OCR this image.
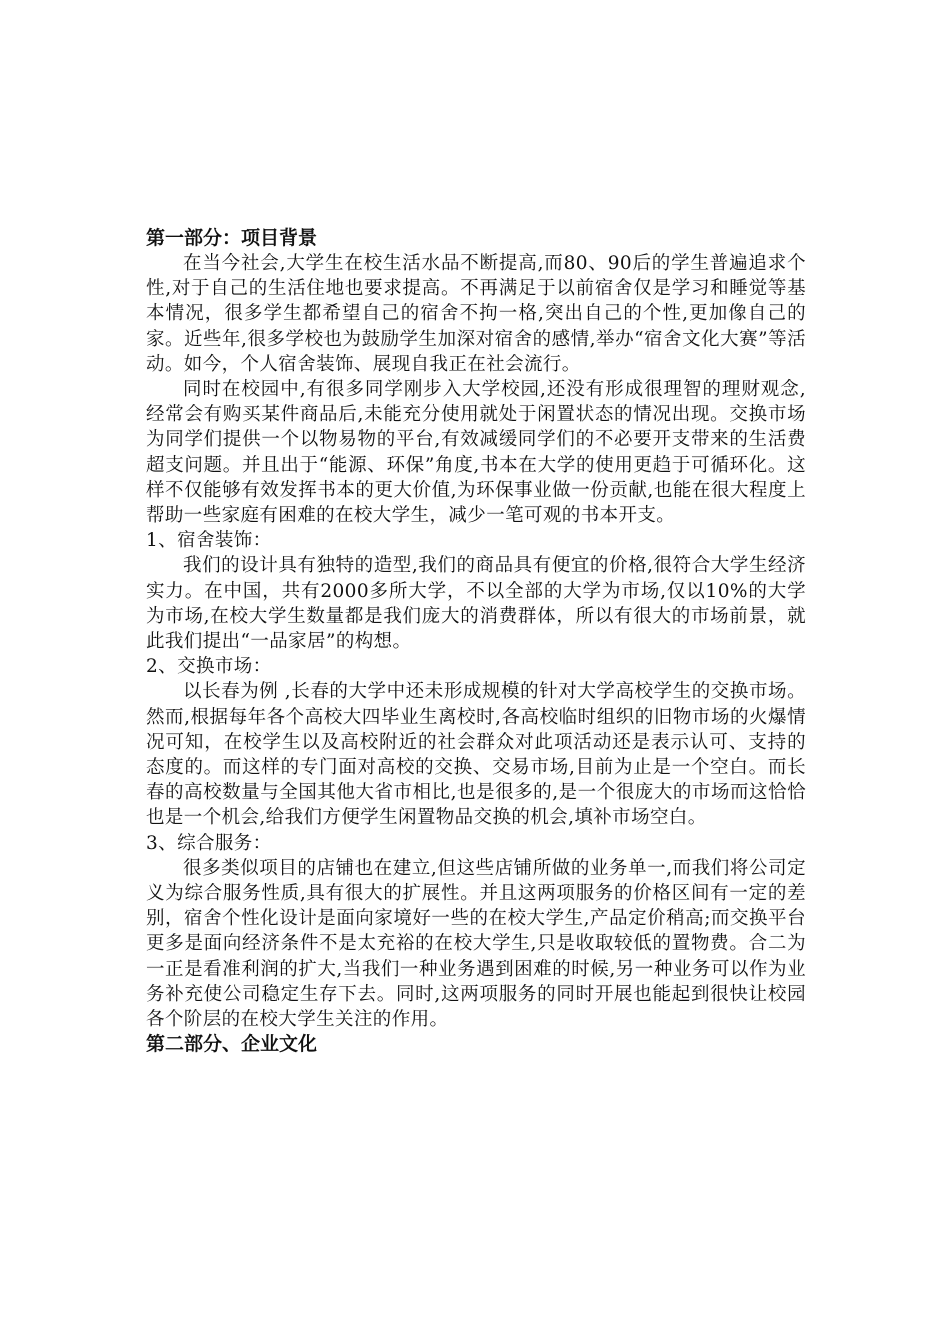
第一部分：项目背景

在当今社会,大学生在校生活水品不断提高,而80、90后的学生普遍追求个性,对于自己的生活住地也要求提高。不再满足于以前宿舍仅是学习和睡觉等基本情况，很多学生都希望自己的宿舍不拘一格,突出自己的个性,更加像自己的家。近些年,很多学校也为鼓励学生加深对宿舍的感情,举办“宿舍文化大赛”等活动。如今，个人宿舍装饰、展现自我正在社会流行。

同时在校园中,有很多同学刚步入大学校园,还没有形成很理智的理财观念,经常会有购买某件商品后,未能充分使用就处于闲置状态的情况出现。交换市场为同学们提供一个以物易物的平台,有效减缓同学们的不必要开支带来的生活费超支问题。并且出于“能源、环保”角度,书本在大学的使用更趋于可循环化。这样不仅能够有效发挥书本的更大价值,为环保事业做一份贡献,也能在很大程度上帮助一些家庭有困难的在校大学生，减少一笔可观的书本开支。

1、宿舍装饰：

我们的设计具有独特的造型,我们的商品具有便宜的价格,很符合大学生经济实力。在中国，共有2000多所大学，不以全部的大学为市场,仅以10%的大学为市场,在校大学生数量都是我们庞大的消费群体，所以有很大的市场前景，就此我们提出“一品家居”的构想。

2、交换市场：

以长春为例 ,长春的大学中还未形成规模的针对大学高校学生的交换市场。然而,根据每年各个高校大四毕业生离校时,各高校临时组织的旧物市场的火爆情况可知，在校学生以及高校附近的社会群众对此项活动还是表示认可、支持的态度的。而这样的专门面对高校的交换、交易市场,目前为止是一个空白。而长春的高校数量与全国其他大省市相比,也是很多的,是一个很庞大的市场而这恰恰也是一个机会,给我们方便学生闲置物品交换的机会,填补市场空白。

3、综合服务：

很多类似项目的店铺也在建立,但这些店铺所做的业务单一,而我们将公司定义为综合服务性质,具有很大的扩展性。并且这两项服务的价格区间有一定的差别，宿舍个性化设计是面向家境好一些的在校大学生,产品定价稍高;而交换平台更多是面向经济条件不是太充裕的在校大学生,只是收取较低的置物费。合二为一正是看准利润的扩大,当我们一种业务遇到困难的时候,另一种业务可以作为业务补充使公司稳定生存下去。同时,这两项服务的同时开展也能起到很快让校园各个阶层的在校大学生关注的作用。

第二部分、企业文化
